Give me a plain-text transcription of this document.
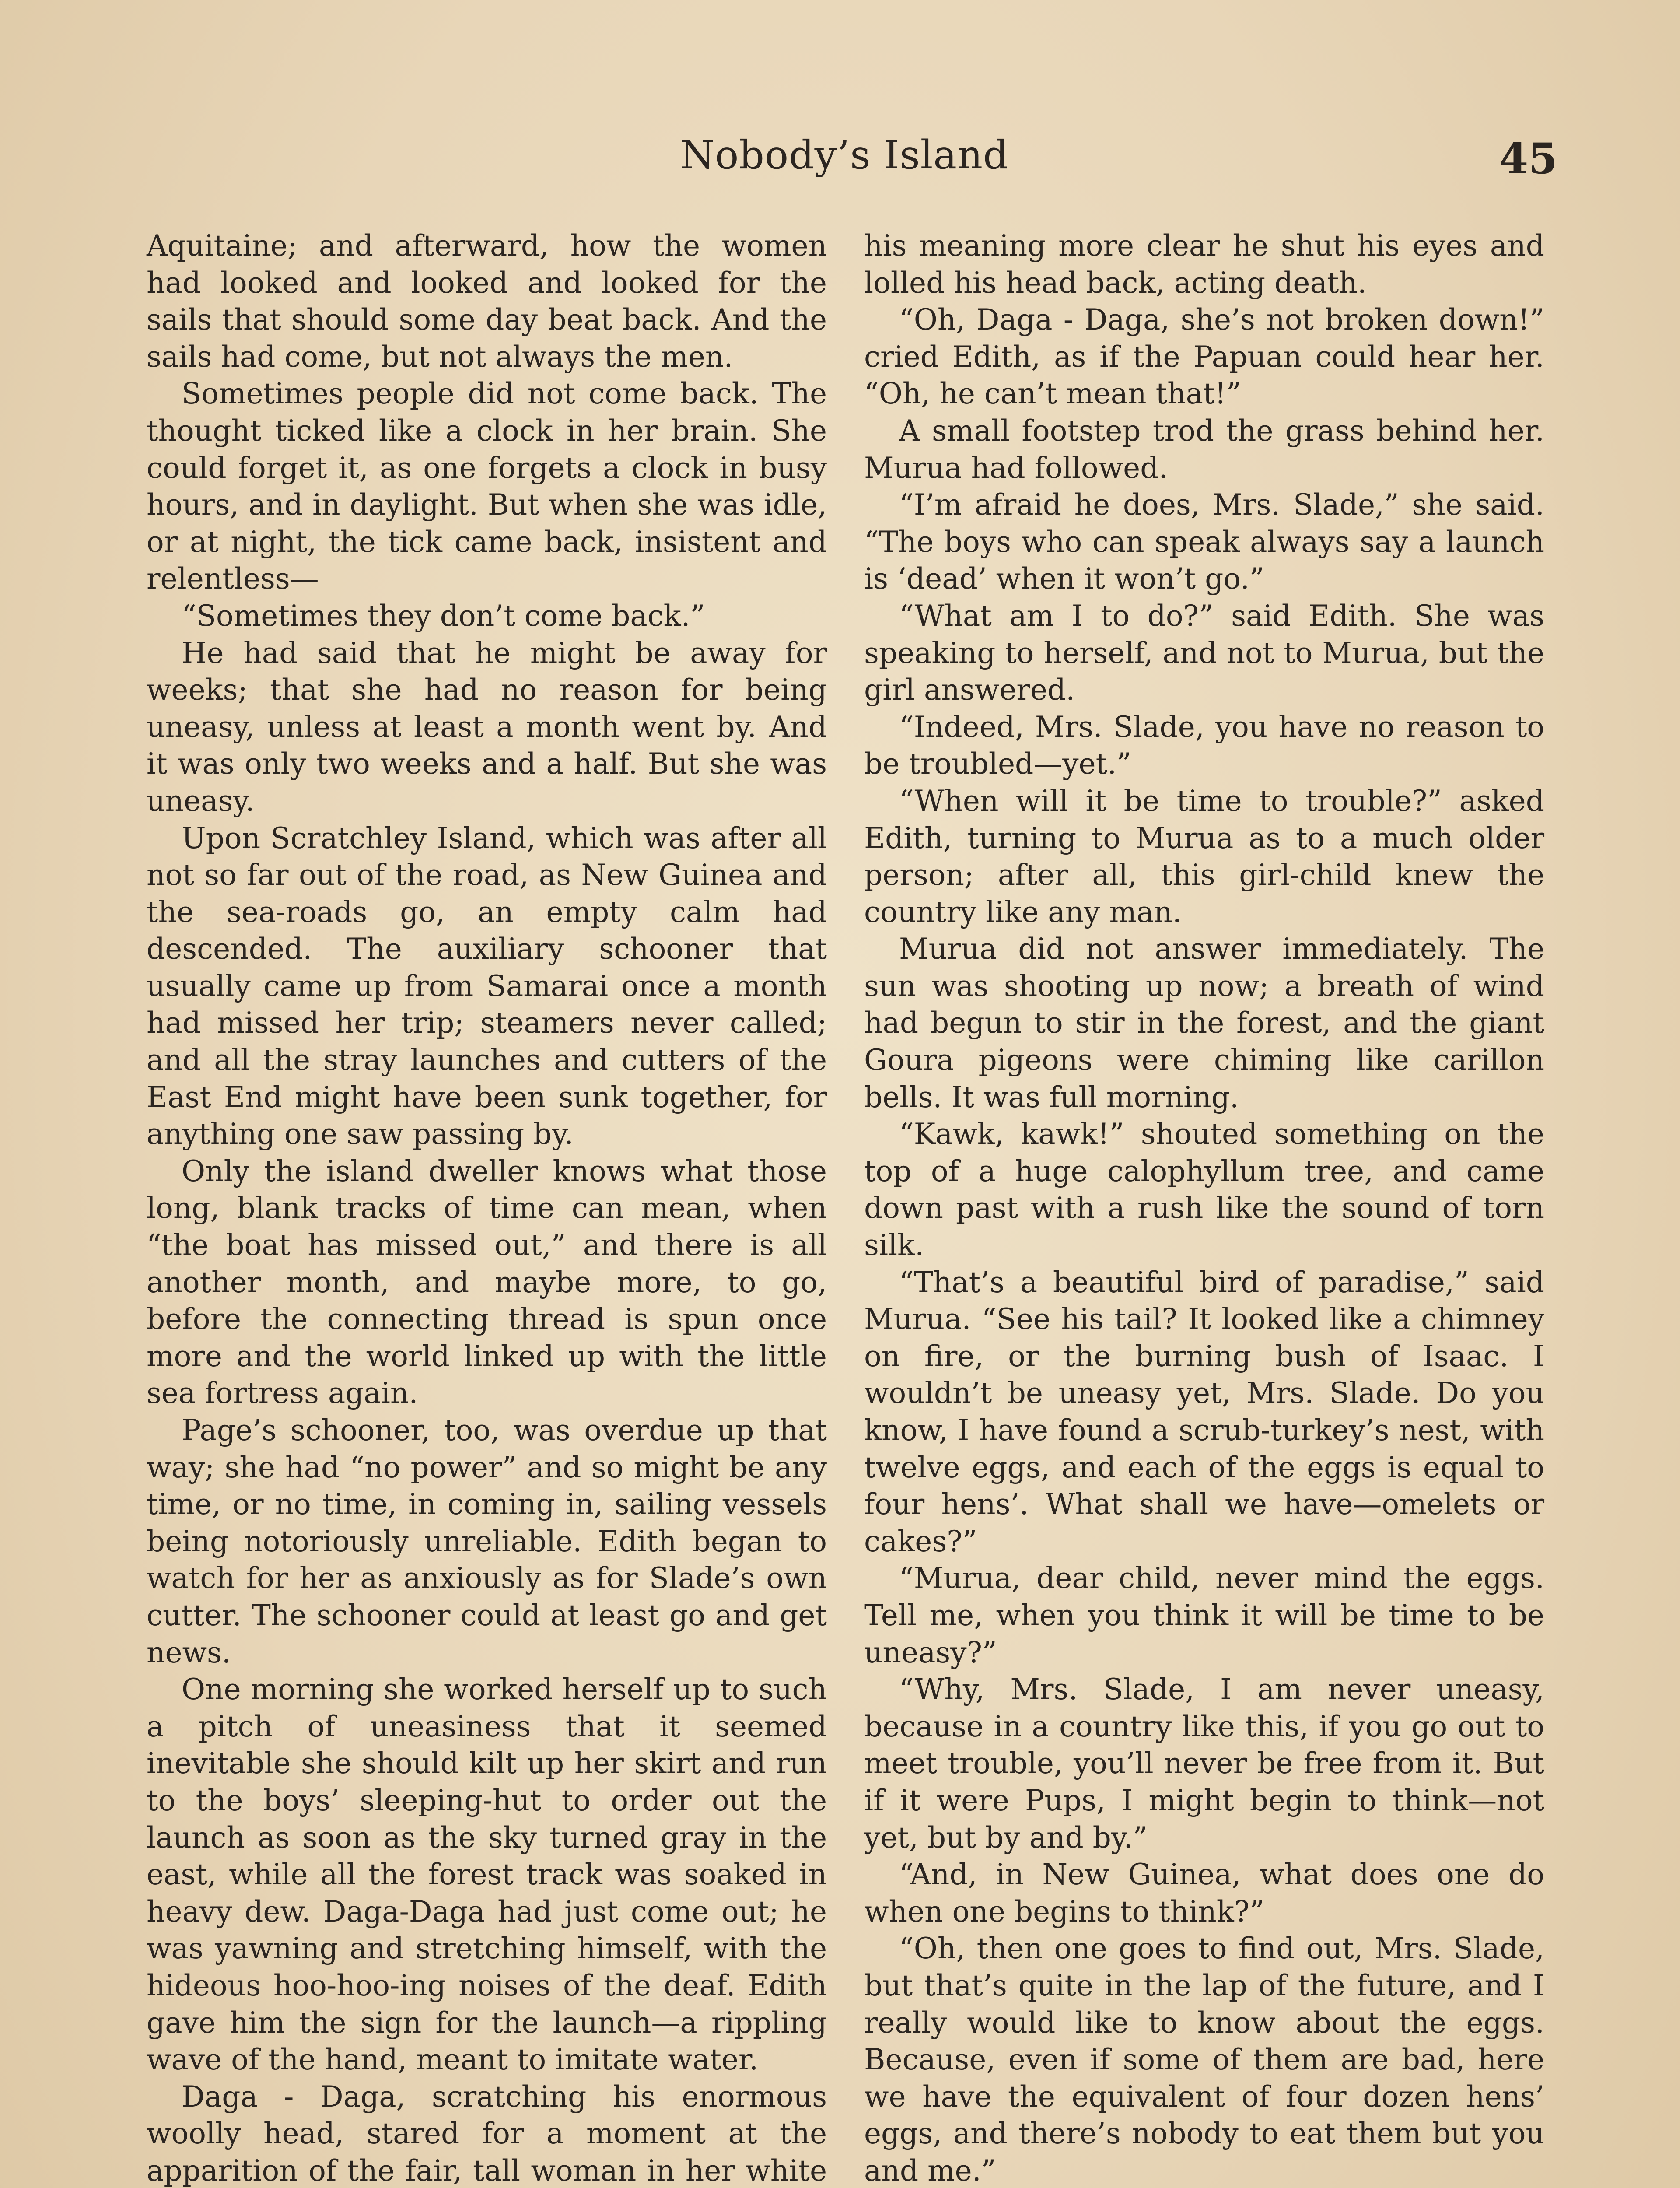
Nobody’s Island	45

Aquitaine; and afterward, how the women had looked and looked and looked for the sails that should some day beat back. And the sails had come, but not always the men.

Sometimes people did not come back. The thought ticked like a clock in her brain. She could forget it, as one forgets a clock in busy hours, and in daylight. But when she was idle, or at night, the tick came back, insistent and relentless—

“Sometimes they don’t come back.”

He had said that he might be away for weeks; that she had no reason for being uneasy, unless at least a month went by. And it was only two weeks and a half. But she was uneasy.

Upon Scratchley Island, which was after all not so far out of the road, as New Guinea and the sea-roads go, an empty calm had descended. The auxiliary schooner that usually came up from Samarai once a month had missed her trip; steamers never called; and all the stray launches and cutters of the East End might have been sunk together, for anything one saw passing by.

Only the island dweller knows what those long, blank tracks of time can mean, when “the boat has missed out,” and there is all another month, and maybe more, to go, before the connecting thread is spun once more and the world linked up with the little sea fortress again.

Page’s schooner, too, was overdue up that way; she had “no power” and so might be any time, or no time, in coming in, sailing vessels being notoriously unreliable. Edith began to watch for her as anxiously as for Slade’s own cutter. The schooner could at least go and get news.

One morning she worked herself up to such a pitch of uneasiness that it seemed inevitable she should kilt up her skirt and run to the boys’ sleeping-hut to order out the launch as soon as the sky turned gray in the east, while all the forest track was soaked in heavy dew. Daga-Daga had just come out; he was yawning and stretching himself, with the hideous hoo-hoo-ing noises of the deaf. Edith gave him the sign for the launch—a rippling wave of the hand, meant to imitate water.

Daga - Daga, scratching his enormous woolly head, stared for a moment at the apparition of the fair, tall woman in her white

his meaning more clear he shut his eyes and lolled his head back, acting death.

“Oh, Daga - Daga, she’s not broken down!” cried Edith, as if the Papuan could hear her. “Oh, he can’t mean that!”

A small footstep trod the grass behind her. Murua had followed.

“I’m afraid he does, Mrs. Slade,” she said. “The boys who can speak always say a launch is ‘dead’ when it won’t go.”

“What am I to do?” said Edith. She was speaking to herself, and not to Murua, but the girl answered.

“Indeed, Mrs. Slade, you have no reason to be troubled—yet.”

“When will it be time to trouble?” asked Edith, turning to Murua as to a much older person; after all, this girl-child knew the country like any man.

Murua did not answer immediately. The sun was shooting up now; a breath of wind had begun to stir in the forest, and the giant Goura pigeons were chiming like carillon bells. It was full morning.

“Kawk, kawk!” shouted something on the top of a huge calophyllum tree, and came down past with a rush like the sound of torn silk.

“That’s a beautiful bird of paradise,” said Murua. “See his tail? It looked like a chimney on fire, or the burning bush of Isaac. I wouldn’t be uneasy yet, Mrs. Slade. Do you know, I have found a scrub-turkey’s nest, with twelve eggs, and each of the eggs is equal to four hens’. What shall we have—omelets or cakes?”

“Murua, dear child, never mind the eggs. Tell me, when you think it will be time to be uneasy?”

“Why, Mrs. Slade, I am never uneasy, because in a country like this, if you go out to meet trouble, you’ll never be free from it. But if it were Pups, I might begin to think—not yet, but by and by.”

“And, in New Guinea, what does one do when one begins to think?”

“Oh, then one goes to find out, Mrs. Slade, but that’s quite in the lap of the future, and I really would like to know about the eggs. Because, even if some of them are bad, here we have the equivalent of four dozen hens’ eggs, and there’s nobody to eat them but you and me.”
